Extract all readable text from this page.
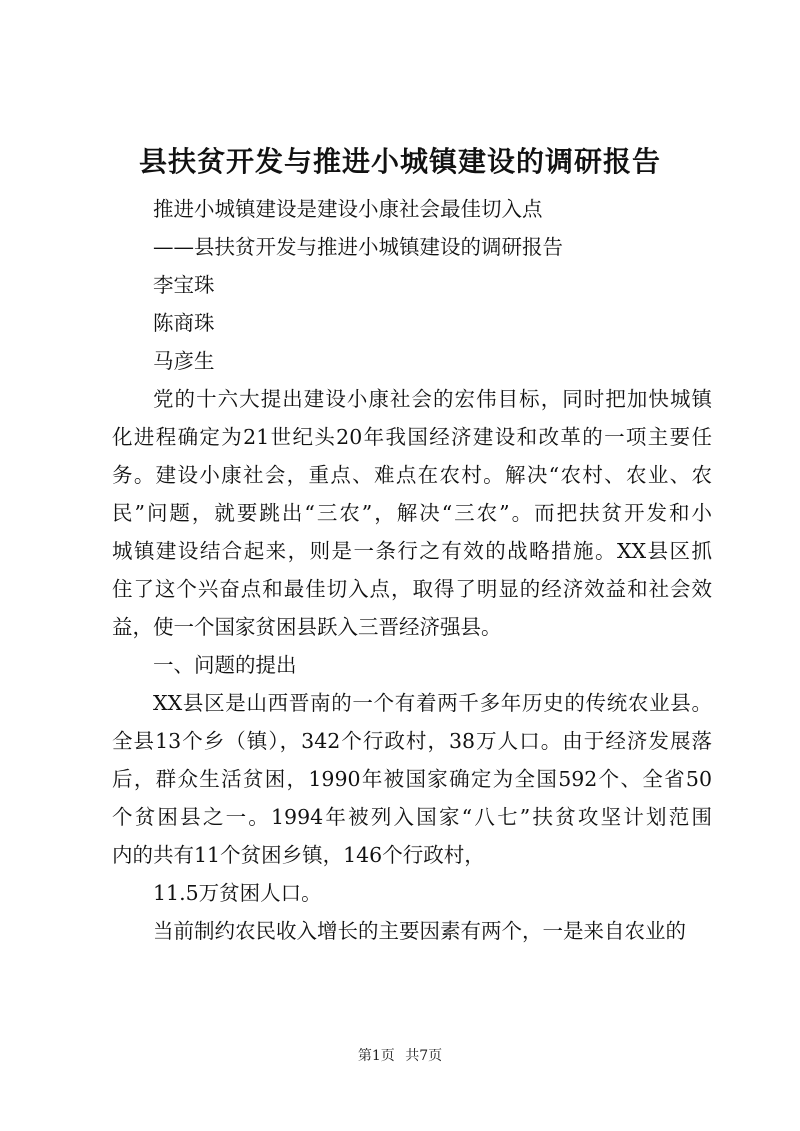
县扶贫开发与推进小城镇建设的调研报告

推进小城镇建设是建设小康社会最佳切入点

——县扶贫开发与推进小城镇建设的调研报告

李宝珠

陈商珠

马彦生

党的十六大提出建设小康社会的宏伟目标，同时把加快城镇
化进程确定为21世纪头20年我国经济建设和改革的一项主要任
务。建设小康社会，重点、难点在农村。解决“农村、农业、农
民”问题，就要跳出“三农”，解决“三农”。而把扶贫开发和小
城镇建设结合起来，则是一条行之有效的战略措施。XX县区抓
住了这个兴奋点和最佳切入点，取得了明显的经济效益和社会效
益，使一个国家贫困县跃入三晋经济强县。

一、问题的提出

XX县区是山西晋南的一个有着两千多年历史的传统农业县。
全县13个乡（镇），342个行政村，38万人口。由于经济发展落
后，群众生活贫困，1990年被国家确定为全国592个、全省50
个贫困县之一。1994年被列入国家“八七”扶贫攻坚计划范围
内的共有11个贫困乡镇，146个行政村，

11.5万贫困人口。

当前制约农民收入增长的主要因素有两个，一是来自农业的

第1页 共7页
